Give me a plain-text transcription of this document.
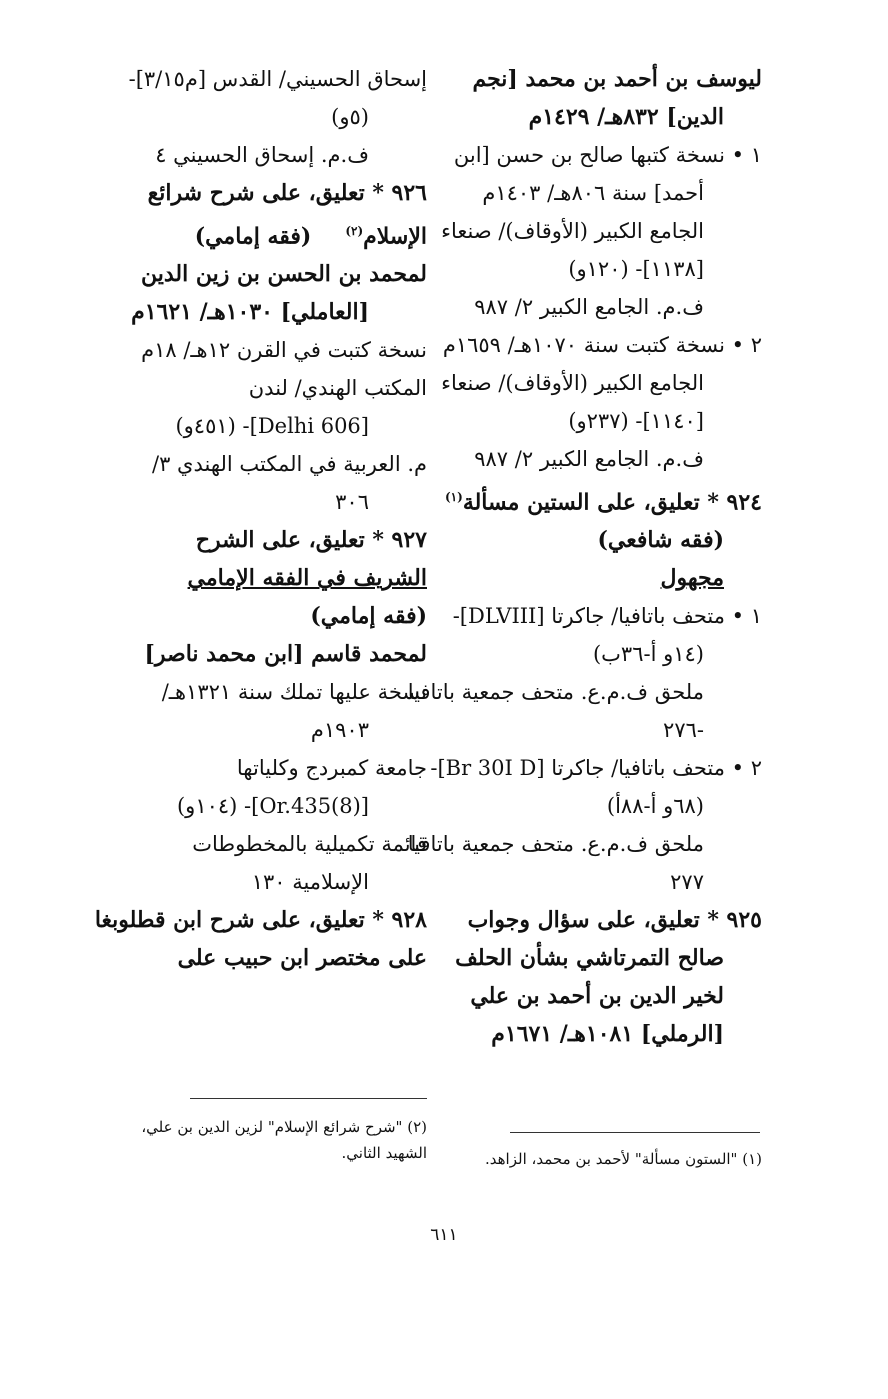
ليوسف بن أحمد بن محمد [نجم
الدين] ٨٣٢هـ/ ١٤٢٩م
١ • نسخة كتبها صالح بن حسن [ابن
أحمد] سنة ٨٠٦هـ/ ١٤٠٣م
الجامع الكبير (الأوقاف)/ صنعاء
[١١٣٨]- (١٢٠و)
ف.م. الجامع الكبير ٢/ ٩٨٧
٢ • نسخة كتبت سنة ١٠٧٠هـ/ ١٦٥٩م
الجامع الكبير (الأوقاف)/ صنعاء
[١١٤٠]- (٢٣٧و)
ف.م. الجامع الكبير ٢/ ٩٨٧
٩٢٤ * تعليق، على الستين مسألة$^{(١)}$
(فقه شافعي)
مجهول
١ • متحف باتافيا/ جاكرتا [DLVIII]-
(١٤و أ-٣٦ب)
ملحق ف.م.ع. متحف جمعية باتافيا
-٢٧٦
٢ • متحف باتافيا/ جاكرتا [Br 30I D]-
(٦٨و أ-٨٨أ)
ملحق ف.م.ع. متحف جمعية باتافيا
٢٧٧
٩٢٥ * تعليق، على سؤال وجواب
صالح التمرتاشي بشأن الحلف
لخير الدين بن أحمد بن علي
[الرملي] ١٠٨١هـ/ ١٦٧١م
إسحاق الحسيني/ القدس [م٣/١٥]-
(٥و)
ف.م. إسحاق الحسيني ٤
٩٢٦ * تعليق، على شرح شرائع
الإسلام$^{(٢)}$(فقه إمامي)
لمحمد بن الحسن بن زين الدين
[العاملي] ١٠٣٠هـ/ ١٦٢١م
نسخة كتبت في القرن ١٢هـ/ ١٨م
المكتب الهندي/ لندن
[Delhi 606]- (٤٥١و)
م. العربية في المكتب الهندي ٣/
٣٠٦
٩٢٧ * تعليق، على الشرح
الشريف في الفقه الإمامي
(فقه إمامي)
لمحمد قاسم [ابن محمد ناصر]
نسخة عليها تملك سنة ١٣٢١هـ/
١٩٠٣م
جامعة كمبردج وكلياتها
[Or.435(8)]- (١٠٤و)
قائمة تكميلية بالمخطوطات
الإسلامية ١٣٠
٩٢٨ * تعليق، على شرح ابن قطلوبغا
على مختصر ابن حبيب على
(٢) "شرح شرائع الإسلام" لزين الدين بن علي،
الشهيد الثاني.	(١) "الستون مسألة" لأحمد بن محمد، الزاهد.
٦١١
